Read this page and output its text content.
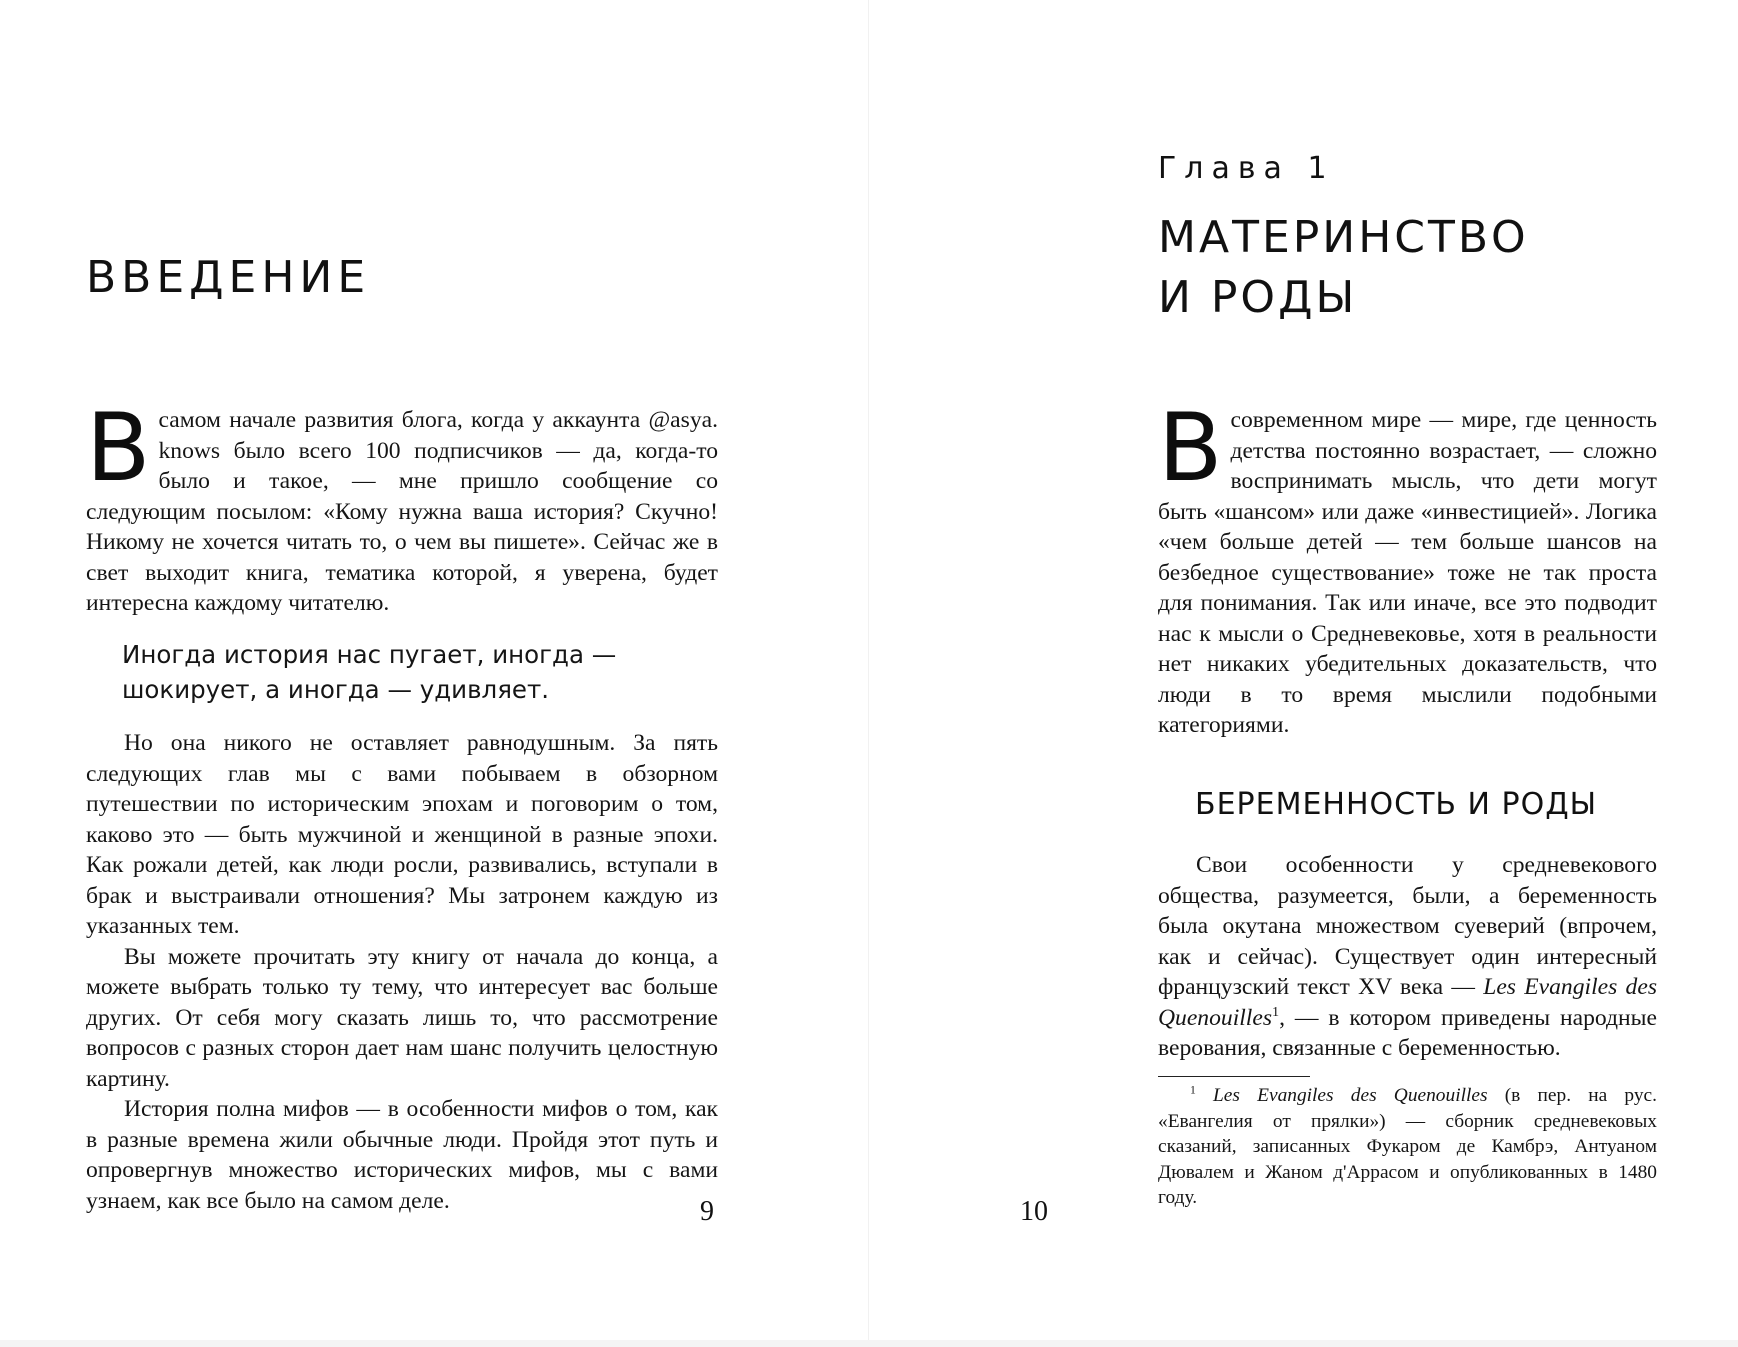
ВВЕДЕНИЕ

В самом начале развития блога, когда у аккаунта @asya. knows было всего 100 подписчиков — да, когда-то было и такое, — мне пришло сообщение со следующим посылом: «Кому нужна ваша история? Скучно! Никому не хочется читать то, о чем вы пишете». Сейчас же в свет выходит книга, тематика которой, я уверена, будет интересна каждому читателю.

Иногда история нас пугает, иногда —
шокирует, а иногда — удивляет.

Но она никого не оставляет равнодушным. За пять следующих глав мы с вами побываем в обзорном путешествии по историческим эпохам и поговорим о том, каково это — быть мужчиной и женщиной в разные эпохи. Как рожали детей, как люди росли, развивались, вступали в брак и выстраивали отношения? Мы затронем каждую из указанных тем.

Вы можете прочитать эту книгу от начала до конца, а можете выбрать только ту тему, что интересует вас больше других. От себя могу сказать лишь то, что рассмотрение вопросов с разных сторон дает нам шанс получить целостную картину.

История полна мифов — в особенности мифов о том, как в разные времена жили обычные люди. Пройдя этот путь и опровергнув множество исторических мифов, мы с вами узнаем, как все было на самом деле.	9	10
Глава 1
МАТЕРИНСТВО
И РОДЫ

В современном мире — мире, где ценность детства постоянно возрастает, — сложно воспринимать мысль, что дети могут быть «шансом» или даже «инвестицией». Логика «чем больше детей — тем больше шансов на безбедное существование» тоже не так проста для понимания. Так или иначе, все это подводит нас к мысли о Средневековье, хотя в реальности нет никаких убедительных доказательств, что люди в то время мыслили подобными категориями.

БЕРЕМЕННОСТЬ И РОДЫ

Свои особенности у средневекового общества, разумеется, были, а беременность была окутана множеством суеверий (впрочем, как и сейчас). Существует один интересный французский текст XV века — Les Evangiles des Quenouilles$^1$, — в котором приведены народные верования, связанные с беременностью.

$^1$ Les Evangiles des Quenouilles (в пер. на рус. «Евангелия от прялки») — сборник средневековых сказаний, записанных Фукаром де Камбрэ, Антуаном Дювалем и Жаном д'Аррасом и опубликованных в 1480 году.
